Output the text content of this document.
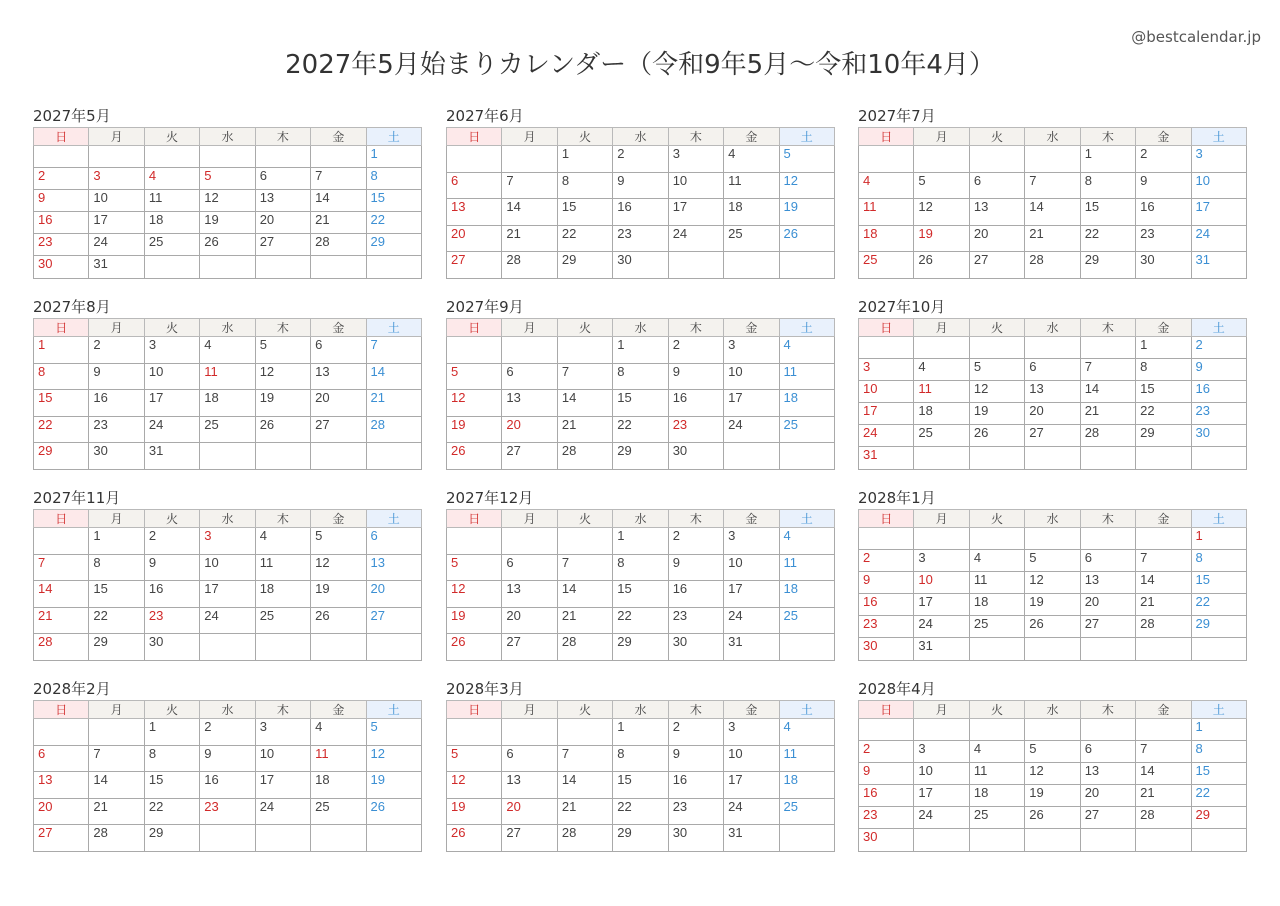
@bestcalendar.jp
2027年5月始まりカレンダー（令和9年5月〜令和10年4月）
2027年5月
日	月	火	水	木	金	土
						1
2	3	4	5	6	7	8
9	10	11	12	13	14	15
16	17	18	19	20	21	22
23	24	25	26	27	28	29
30	31					
2027年6月
日	月	火	水	木	金	土
		1	2	3	4	5
6	7	8	9	10	11	12
13	14	15	16	17	18	19
20	21	22	23	24	25	26
27	28	29	30			
2027年7月
日	月	火	水	木	金	土
				1	2	3
4	5	6	7	8	9	10
11	12	13	14	15	16	17
18	19	20	21	22	23	24
25	26	27	28	29	30	31
2027年8月
日	月	火	水	木	金	土
1	2	3	4	5	6	7
8	9	10	11	12	13	14
15	16	17	18	19	20	21
22	23	24	25	26	27	28
29	30	31				
2027年9月
日	月	火	水	木	金	土
			1	2	3	4
5	6	7	8	9	10	11
12	13	14	15	16	17	18
19	20	21	22	23	24	25
26	27	28	29	30		
2027年10月
日	月	火	水	木	金	土
					1	2
3	4	5	6	7	8	9
10	11	12	13	14	15	16
17	18	19	20	21	22	23
24	25	26	27	28	29	30
31						
2027年11月
日	月	火	水	木	金	土
	1	2	3	4	5	6
7	8	9	10	11	12	13
14	15	16	17	18	19	20
21	22	23	24	25	26	27
28	29	30				
2027年12月
日	月	火	水	木	金	土
			1	2	3	4
5	6	7	8	9	10	11
12	13	14	15	16	17	18
19	20	21	22	23	24	25
26	27	28	29	30	31	
2028年1月
日	月	火	水	木	金	土
						1
2	3	4	5	6	7	8
9	10	11	12	13	14	15
16	17	18	19	20	21	22
23	24	25	26	27	28	29
30	31					
2028年2月
日	月	火	水	木	金	土
		1	2	3	4	5
6	7	8	9	10	11	12
13	14	15	16	17	18	19
20	21	22	23	24	25	26
27	28	29				
2028年3月
日	月	火	水	木	金	土
			1	2	3	4
5	6	7	8	9	10	11
12	13	14	15	16	17	18
19	20	21	22	23	24	25
26	27	28	29	30	31	
2028年4月
日	月	火	水	木	金	土
						1
2	3	4	5	6	7	8
9	10	11	12	13	14	15
16	17	18	19	20	21	22
23	24	25	26	27	28	29
30						
